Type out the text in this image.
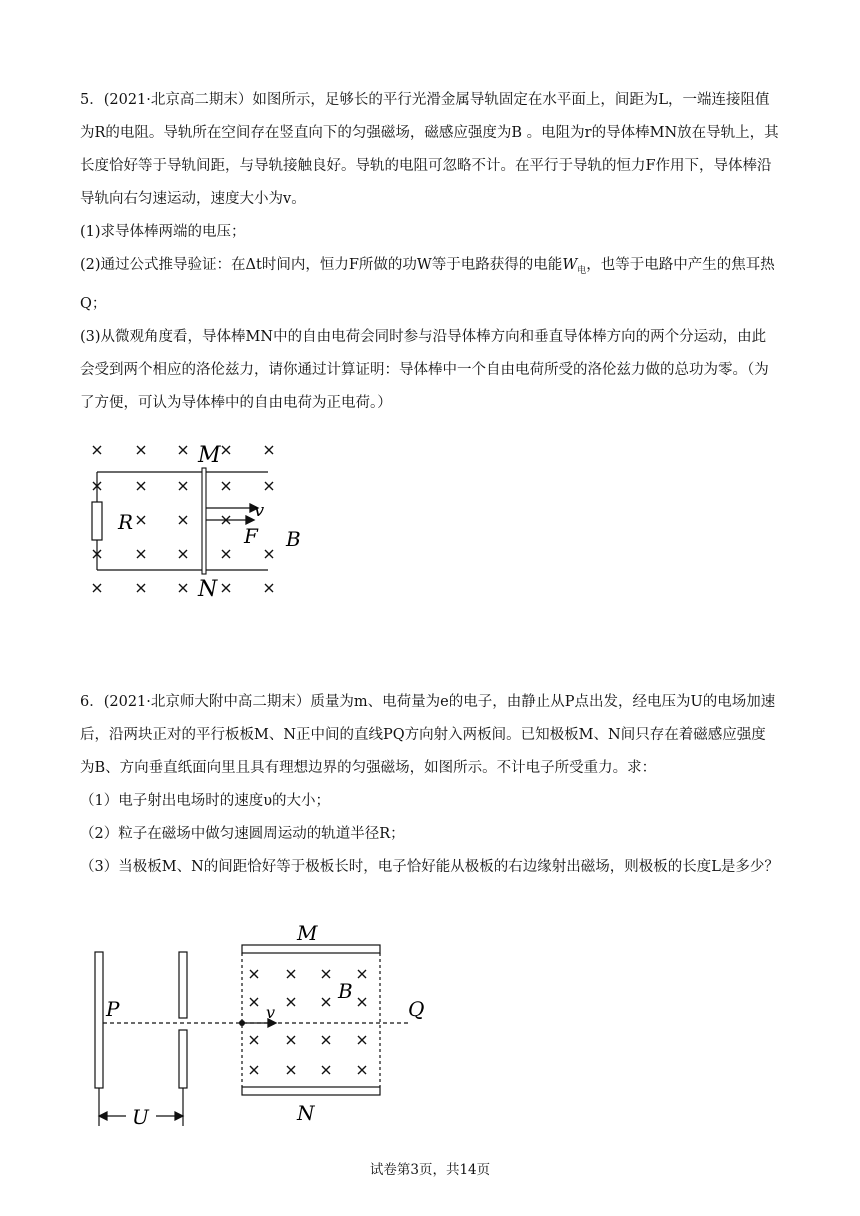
5．(2021·北京高二期末）如图所示，足够长的平行光滑金属导轨固定在水平面上，间距为L，一端连接阻值为R的电阻。导轨所在空间存在竖直向下的匀强磁场，磁感应强度为B 。电阻为r的导体棒MN放在导轨上，其长度恰好等于导轨间距，与导轨接触良好。导轨的电阻可忽略不计。在平行于导轨的恒力F作用下，导体棒沿导轨向右匀速运动，速度大小为v。

(1)求导体棒两端的电压；

(2)通过公式推导验证：在Δt时间内，恒力F所做的功W等于电路获得的电能$W_电$，也等于电路中产生的焦耳热Q；

(3)从微观角度看，导体棒MN中的自由电荷会同时参与沿导体棒方向和垂直导体棒方向的两个分运动，由此会受到两个相应的洛伦兹力，请你通过计算证明：导体棒中一个自由电荷所受的洛伦兹力做的总功为零。（为了方便，可认为导体棒中的自由电荷为正电荷。）

M
N
R	v
F B

6．(2021·北京师大附中高二期末）质量为m、电荷量为e的电子，由静止从P点出发，经电压为U的电场加速后，沿两块正对的平行板板M、N正中间的直线PQ方向射入两板间。已知极板M、N间只存在着磁感应强度为B、方向垂直纸面向里且具有理想边界的匀强磁场，如图所示。不计电子所受重力。求：

（1）电子射出电场时的速度υ的大小；

（2）粒子在磁场中做匀速圆周运动的轨道半径R；

（3）当极板M、N的间距恰好等于极板长时，电子恰好能从极板的右边缘射出磁场，则极板的长度L是多少？

M
N
P	Q
B
v
U
试卷第3页，共14页
